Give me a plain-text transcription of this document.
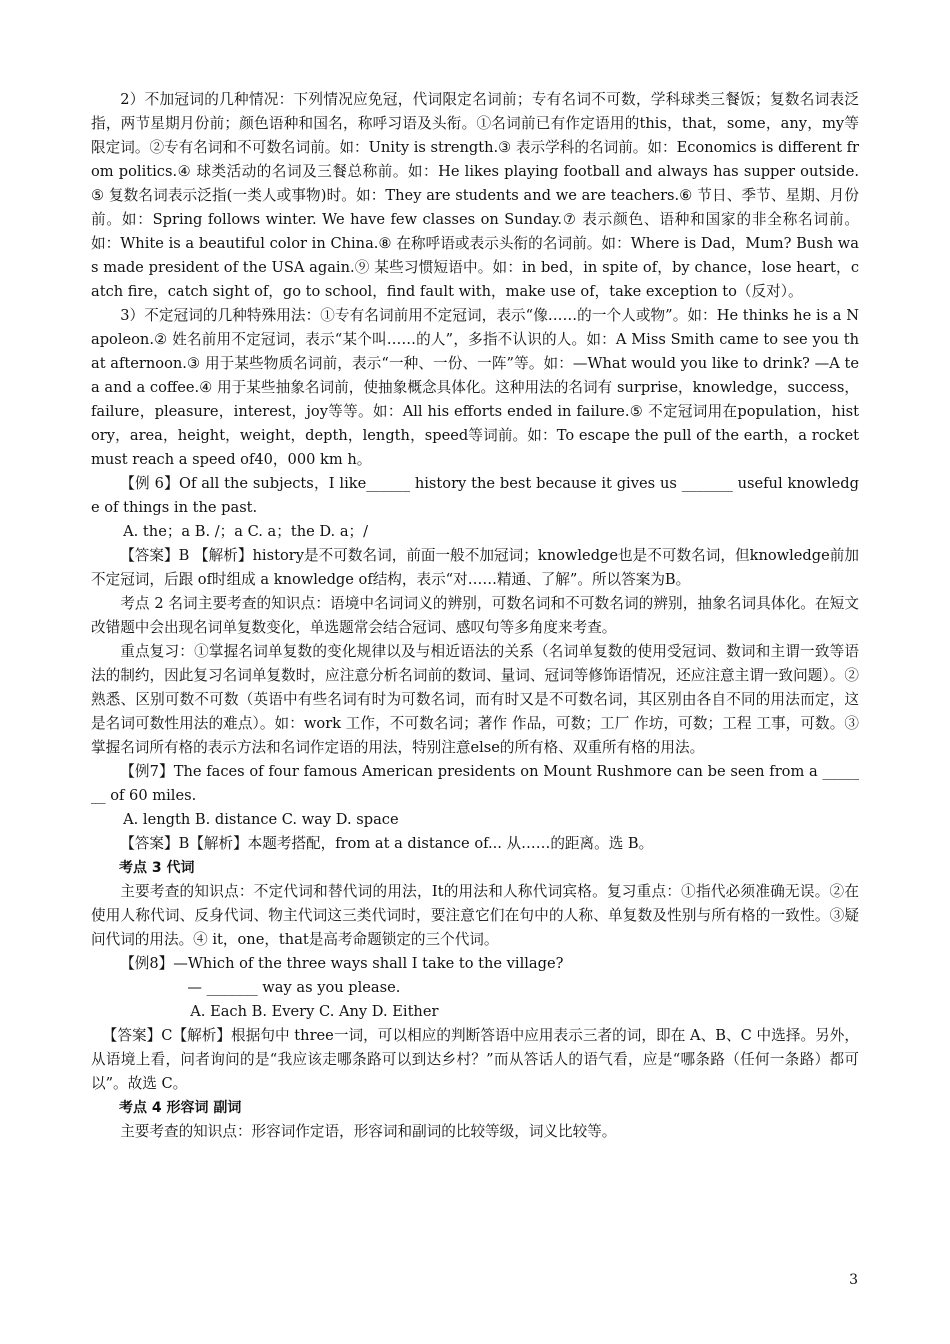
2）不加冠词的几种情况：下列情况应免冠，代词限定名词前；专有名词不可数，学科球类三餐饭；复数名词表泛指，两节星期月份前；颜色语种和国名，称呼习语及头衔。①名词前已有作定语用的this，that，some，any，my等限定词。②专有名词和不可数名词前。如：Unity is strength.③ 表示学科的名词前。如：Economics is different from politics.④ 球类活动的名词及三餐总称前。如：He likes playing football and always has supper outside. ⑤ 复数名词表示泛指(一类人或事物)时。如：They are students and we are teachers.⑥ 节日、季节、星期、月份前。如：Spring follows winter. We have few classes on Sunday.⑦ 表示颜色、语种和国家的非全称名词前。如：White is a beautiful color in China.⑧ 在称呼语或表示头衔的名词前。如：Where is Dad，Mum? Bush was made president of the USA again.⑨ 某些习惯短语中。如：in bed，in spite of，by chance，lose heart，catch fire，catch sight of，go to school，find fault with，make use of，take exception to（反对）。

3）不定冠词的几种特殊用法：①专有名词前用不定冠词，表示“像……的一个人或物”。如：He thinks he is a Napoleon.② 姓名前用不定冠词，表示“某个叫……的人”，多指不认识的人。如：A Miss Smith came to see you that afternoon.③ 用于某些物质名词前，表示“一种、一份、一阵”等。如：—What would you like to drink? —A tea and a coffee.④ 用于某些抽象名词前，使抽象概念具体化。这种用法的名词有 surprise，knowledge，success，failure，pleasure，interest，joy等等。如：All his efforts ended in failure.⑤ 不定冠词用在population，history，area，height，weight，depth，length，speed等词前。如：To escape the pull of the earth，a rocket must reach a speed of40，000 km h。

【例 6】Of all the subjects，I like______ history the best because it gives us _______ useful knowledge of things in the past.

A. the；a B. /；a C. a；the D. a；/

【答案】B 【解析】history是不可数名词，前面一般不加冠词；knowledge也是不可数名词，但knowledge前加不定冠词，后跟 of时组成 a knowledge of结构，表示“对……精通、了解”。所以答案为B。

考点 2 名词主要考查的知识点：语境中名词词义的辨别，可数名词和不可数名词的辨别，抽象名词具体化。在短文改错题中会出现名词单复数变化，单选题常会结合冠词、感叹句等多角度来考查。

重点复习：①掌握名词单复数的变化规律以及与相近语法的关系（名词单复数的使用受冠词、数词和主谓一致等语法的制约，因此复习名词单复数时，应注意分析名词前的数词、量词、冠词等修饰语情况，还应注意主谓一致问题）。②熟悉、区别可数不可数（英语中有些名词有时为可数名词，而有时又是不可数名词，其区别由各自不同的用法而定，这是名词可数性用法的难点）。如：work 工作，不可数名词；著作 作品，可数；工厂 作坊，可数；工程 工事，可数。③掌握名词所有格的表示方法和名词作定语的用法，特别注意else的所有格、双重所有格的用法。

【例7】The faces of four famous American presidents on Mount Rushmore can be seen from a _______ of 60 miles.

A. length B. distance C. way D. space

【答案】B【解析】本题考搭配，from at a distance of... 从……的距离。选 B。

考点 3 代词

主要考查的知识点：不定代词和替代词的用法，It的用法和人称代词宾格。复习重点：①指代必须准确无误。②在使用人称代词、反身代词、物主代词这三类代词时，要注意它们在句中的人称、单复数及性别与所有格的一致性。③疑问代词的用法。④ it，one，that是高考命题锁定的三个代词。

【例8】—Which of the three ways shall I take to the village?

— _______ way as you please.

A. Each B. Every C. Any D. Either

【答案】C【解析】根据句中 three一词，可以相应的判断答语中应用表示三者的词，即在 A、B、C 中选择。另外，从语境上看，问者询问的是“我应该走哪条路可以到达乡村？”而从答话人的语气看，应是“哪条路（任何一条路）都可以”。故选 C。

考点 4 形容词 副词

主要考查的知识点：形容词作定语，形容词和副词的比较等级，词义比较等。

3
